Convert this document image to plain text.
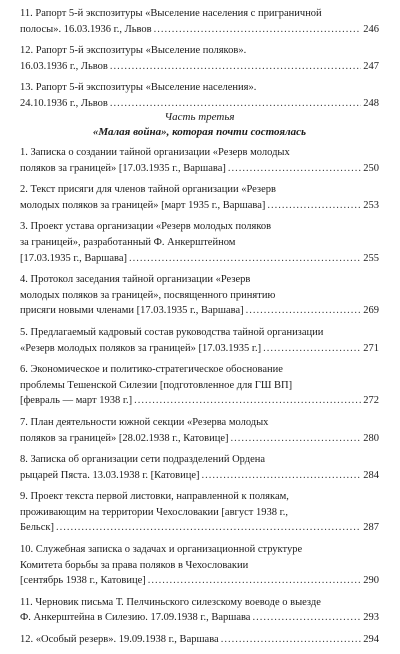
11. Рапорт 5-й экспозитуры «Выселение населения с приграничной
полосы». 16.03.1936 г., Львов .....	246
12. Рапорт 5-й экспозитуры «Выселение поляков».
16.03.1936 г., Львов .....	247
13. Рапорт 5-й экспозитуры «Выселение населения».
24.10.1936 г., Львов .....	248
Часть третья
«Малая война», которая почти состоялась
1. Записка о создании тайной организации «Резерв молодых
поляков за границей» [17.03.1935 г., Варшава] .....	250
2. Текст присяги для членов тайной организации «Резерв
молодых поляков за границей» [март 1935 г., Варшава] .....	253
3. Проект устава организации «Резерв молодых поляков
за границей», разработанный Ф. Анкерштейном
[17.03.1935 г., Варшава] .....	255
4. Протокол заседания тайной организации «Резерв
молодых поляков за границей», посвященного принятию
присяги новыми членами [17.03.1935 г., Варшава] .....	269
5. Предлагаемый кадровый состав руководства тайной организации
«Резерв молодых поляков за границей» [17.03.1935 г.] .....	271
6. Экономическое и политико-стратегическое обоснование
проблемы Тешенской Силезии [подготовленное для ГШ ВП]
[февраль — март 1938 г.] .....	272
7. План деятельности южной секции «Резерва молодых
поляков за границей» [28.02.1938 г., Катовице] .....	280
8. Записка об организации сети подразделений Ордена
рыцарей Пяста. 13.03.1938 г. [Катовице] .....	284
9. Проект текста первой листовки, направленной к полякам,
проживающим на территории Чехословакии [август 1938 г.,
Бельск] .....	287
10. Служебная записка о задачах и организационной структуре
Комитета борьбы за права поляков в Чехословакии
[сентябрь 1938 г., Катовице] .....	290
11. Черновик письма Т. Пелчиньского силезскому воеводе о выезде
Ф. Анкерштейна в Силезию. 17.09.1938 г., Варшава .....	293
12. «Особый резерв». 19.09.1938 г., Варшава .....	294
